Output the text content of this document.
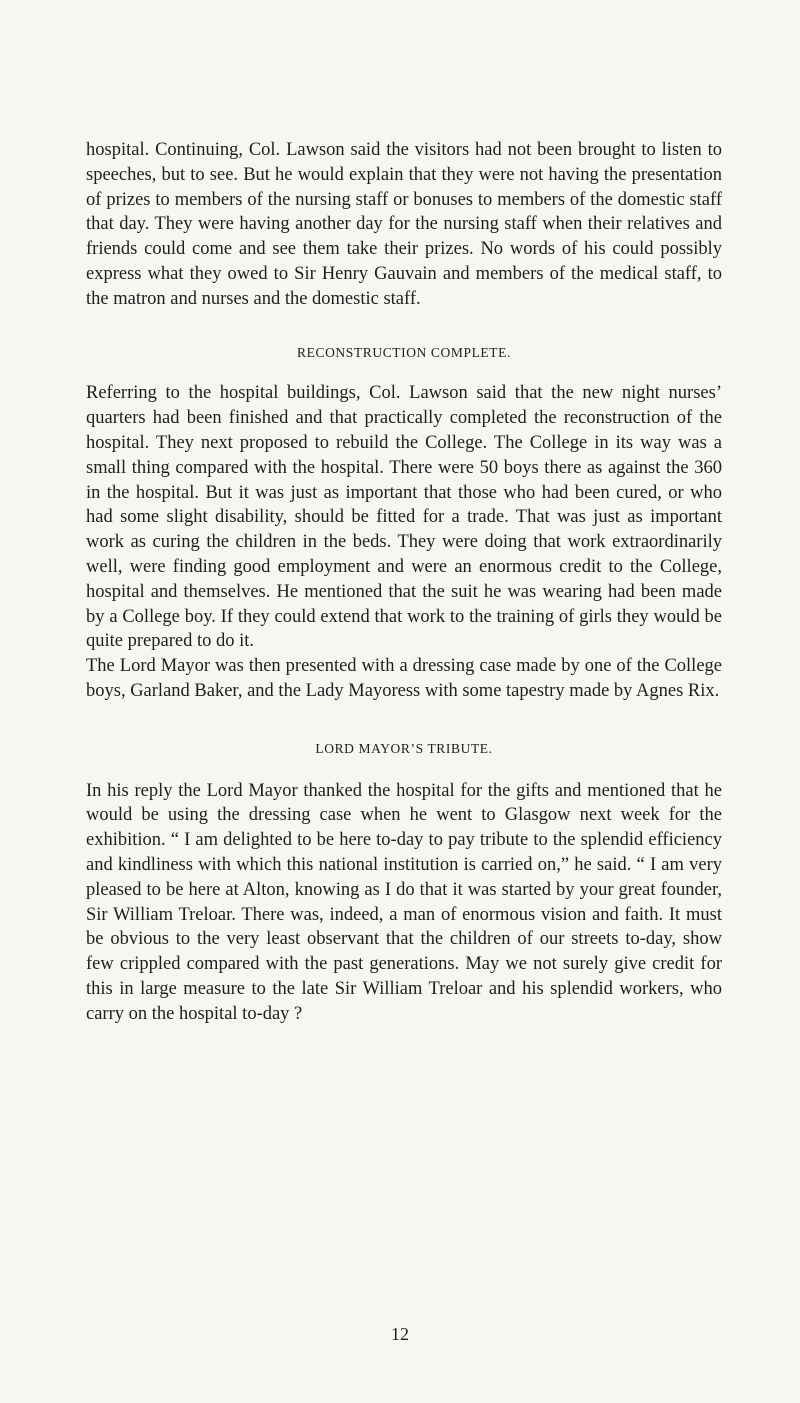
hospital. Continuing, Col. Lawson said the visitors had not been brought to listen to speeches, but to see. But he would explain that they were not having the presentation of prizes to members of the nursing staff or bonuses to members of the domestic staff that day. They were having another day for the nursing staff when their relatives and friends could come and see them take their prizes. No words of his could possibly express what they owed to Sir Henry Gauvain and members of the medical staff, to the matron and nurses and the domestic staff.

RECONSTRUCTION COMPLETE.

Referring to the hospital buildings, Col. Lawson said that the new night nurses’ quarters had been finished and that practically completed the reconstruction of the hospital. They next proposed to rebuild the College. The College in its way was a small thing compared with the hospital. There were 50 boys there as against the 360 in the hospital. But it was just as important that those who had been cured, or who had some slight disability, should be fitted for a trade. That was just as important work as curing the children in the beds. They were doing that work extraordinarily well, were finding good employment and were an enormous credit to the College, hospital and themselves. He mentioned that the suit he was wearing had been made by a College boy. If they could extend that work to the training of girls they would be quite prepared to do it.

The Lord Mayor was then presented with a dressing case made by one of the College boys, Garland Baker, and the Lady Mayoress with some tapestry made by Agnes Rix.

LORD MAYOR’S TRIBUTE.

In his reply the Lord Mayor thanked the hospital for the gifts and mentioned that he would be using the dressing case when he went to Glasgow next week for the exhibition. “ I am delighted to be here to-day to pay tribute to the splendid efficiency and kindliness with which this national institution is carried on,” he said. “ I am very pleased to be here at Alton, knowing as I do that it was started by your great founder, Sir William Treloar. There was, indeed, a man of enormous vision and faith. It must be obvious to the very least observant that the children of our streets to-day, show few crippled compared with the past generations. May we not surely give credit for this in large measure to the late Sir William Treloar and his splendid workers, who carry on the hospital to-day ?

12
